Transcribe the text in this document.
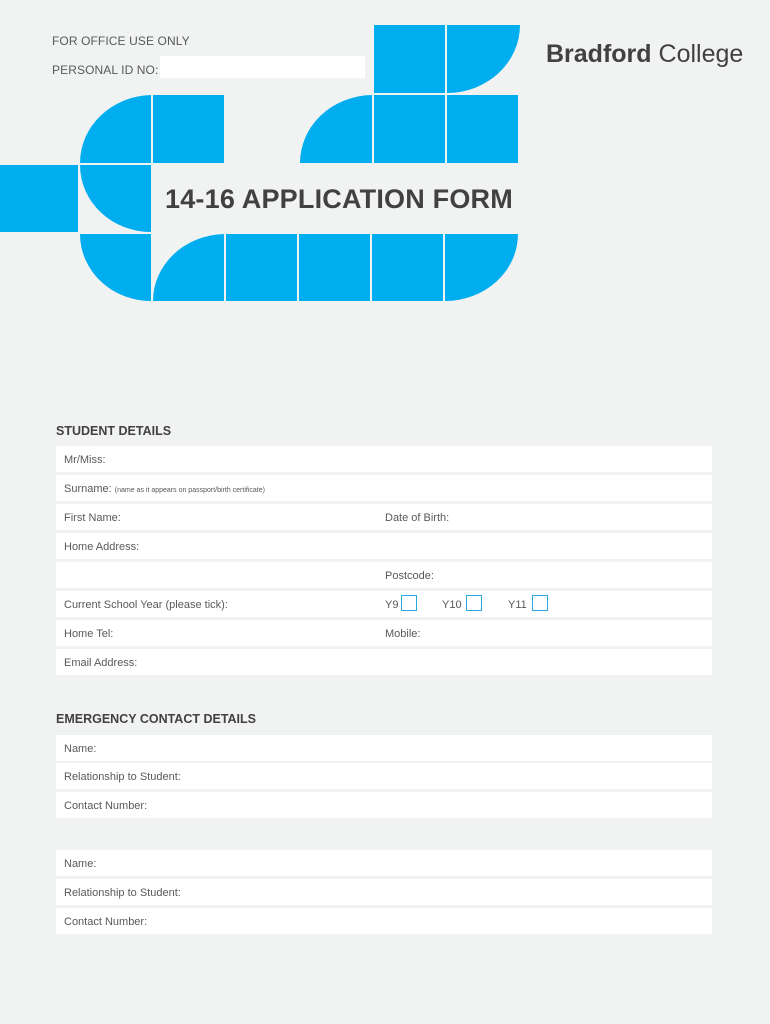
FOR OFFICE USE ONLY
PERSONAL ID NO:
Bradford College
14-16 APPLICATION FORM
STUDENT DETAILS
Mr/Miss:
Surname: (name as it appears on passport/birth certificate)
First Name:	Date of Birth:
Home Address:
Postcode:
Current School Year (please tick):	Y9	Y10	Y11
Home Tel:	Mobile:
Email Address:
EMERGENCY CONTACT DETAILS
Name:
Relationship to Student:
Contact Number:
Name:
Relationship to Student:
Contact Number:
